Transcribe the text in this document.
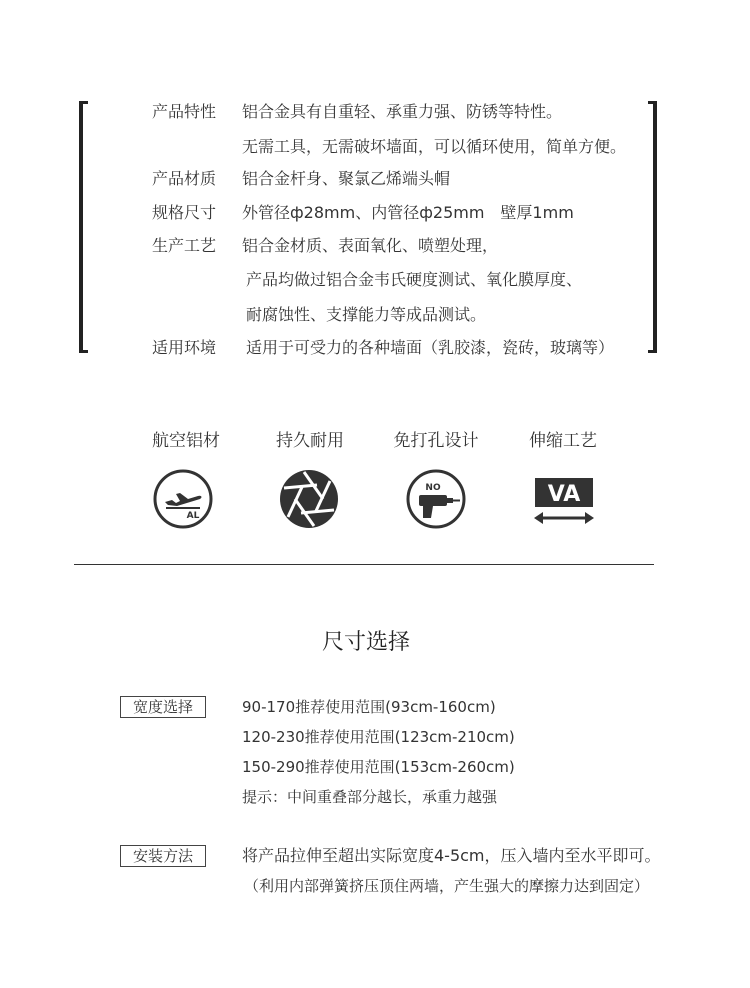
产品特性 铝合金具有自重轻、承重力强、防锈等特性。
无需工具，无需破坏墙面，可以循环使用，简单方便。
产品材质 铝合金杆身、聚氯乙烯端头帽
规格尺寸 外管径ф28mm、内管径ф25mm　壁厚1mm
生产工艺 铝合金材质、表面氧化、喷塑处理，
产品均做过铝合金韦氏硬度测试、氧化膜厚度、
耐腐蚀性、支撑能力等成品测试。
适用环境 适用于可受力的各种墙面（乳胶漆，瓷砖，玻璃等）
航空铝材	持久耐用	免打孔设计	伸缩工艺
AL
NO	VA
尺寸选择
宽度选择	90-170推荐使用范围(93cm-160cm)
120-230推荐使用范围(123cm-210cm)
150-290推荐使用范围(153cm-260cm)
提示：中间重叠部分越长，承重力越强
安装方法	将产品拉伸至超出实际宽度4-5cm，压入墙内至水平即可。
（利用内部弹簧挤压顶住两墙，产生强大的摩擦力达到固定）
